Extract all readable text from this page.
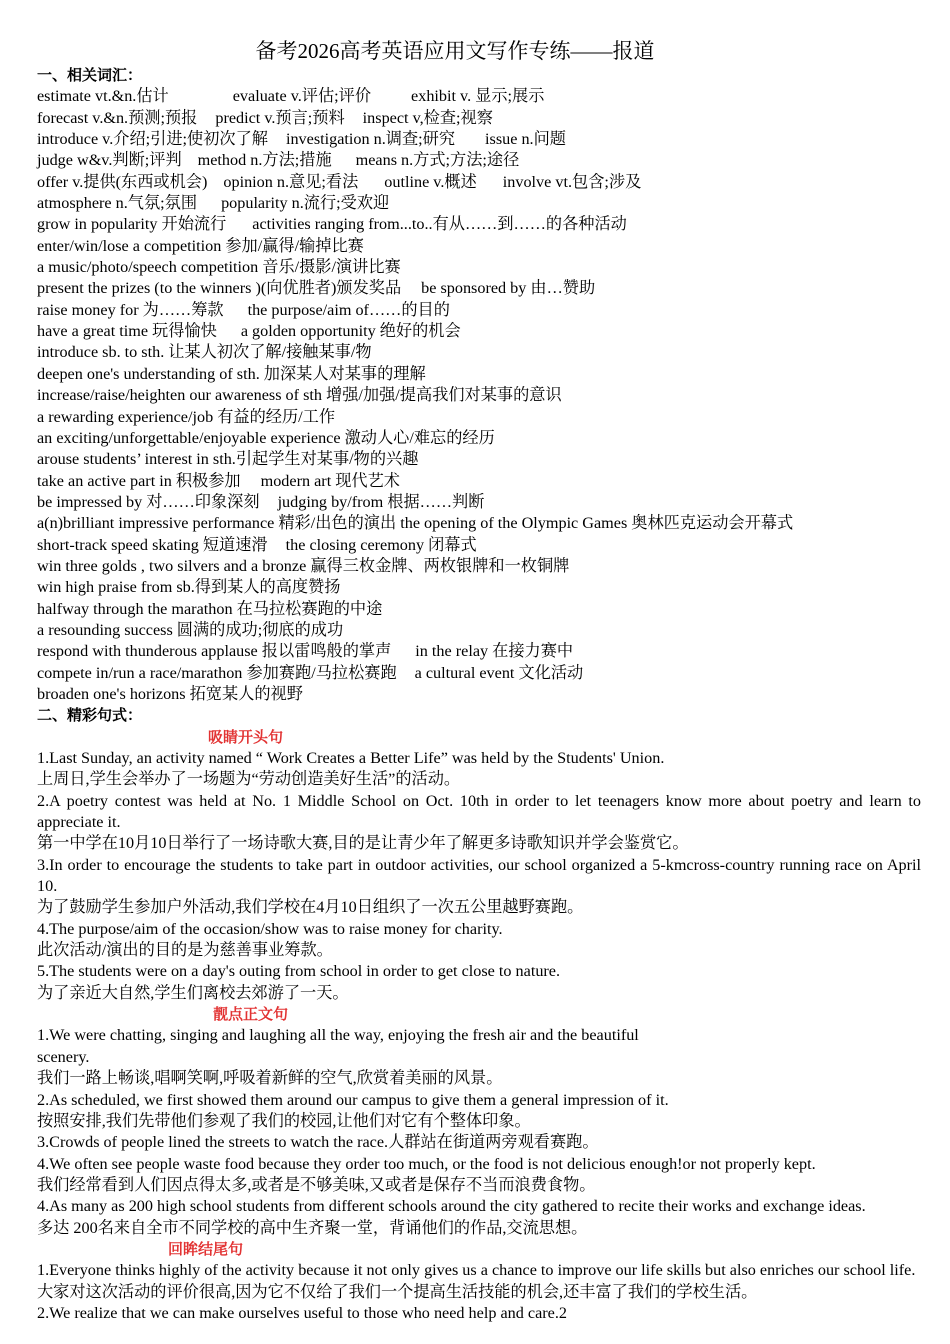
备考2026高考英语应用文写作专练——报道
一、相关词汇：
estimate vt.&n.估计	evaluate v.评估;评价 exhibit v. 显示;展示
forecast v.&n.预测;预报 predict v.预言;预料 inspect v,检查;视察
introduce v.介绍;引进;使初次了解 investigation n.调查;研究 issue n.问题
judge w&v.判断;评判 method n.方法;措施 means n.方式;方法;途径
offer v.提供(东西或机会) opinion n.意见;看法 outline v.概述 involve vt.包含;涉及
atmosphere n.气氛;氛围 popularity n.流行;受欢迎
grow in popularity 开始流行 activities ranging from...to..有从……到……的各种活动
enter/win/lose a competition 参加/赢得/输掉比赛
a music/photo/speech competition 音乐/摄影/演讲比赛
present the prizes (to the winners )(向优胜者)颁发奖品 be sponsored by 由…赞助
raise money for 为……筹款 the purpose/aim of……的目的
have a great time 玩得愉快 a golden opportunity 绝好的机会
introduce sb. to sth. 让某人初次了解/接触某事/物
deepen one's understanding of sth. 加深某人对某事的理解
increase/raise/heighten our awareness of sth 增强/加强/提高我们对某事的意识
a rewarding experience/job 有益的经历/工作
an exciting/unforgettable/enjoyable experience 激动人心/难忘的经历
arouse students’ interest in sth.引起学生对某事/物的兴趣
take an active part in 积极参加 modern art 现代艺术
be impressed by 对……印象深刻 judging by/from 根据……判断
a(n)brilliant impressive performance 精彩/出色的演出 the opening of the Olympic Games 奥林匹克运动会开幕式
short-track speed skating 短道速滑 the closing ceremony 闭幕式
win three golds , two silvers and a bronze 赢得三枚金牌、两枚银牌和一枚铜牌
win high praise from sb.得到某人的高度赞扬
halfway through the marathon 在马拉松赛跑的中途
a resounding success 圆满的成功;彻底的成功
respond with thunderous applause 报以雷鸣般的掌声 in the relay 在接力赛中
compete in/run a race/marathon 参加赛跑/马拉松赛跑 a cultural event 文化活动
broaden one's horizons 拓宽某人的视野
二、精彩句式：
吸睛开头句
1.Last Sunday, an activity named “ Work Creates a Better Life” was held by the Students' Union.
上周日,学生会举办了一场题为“劳动创造美好生活”的活动。
2.A poetry contest was held at No. 1 Middle School on Oct. 10th in order to let teenagers know more about poetry and learn to appreciate it.
第一中学在10月10日举行了一场诗歌大赛,目的是让青少年了解更多诗歌知识并学会鉴赏它。
3.In order to encourage the students to take part in outdoor activities, our school organized a 5-kmcross-country running race on April 10.
为了鼓励学生参加户外活动,我们学校在4月10日组织了一次五公里越野赛跑。
4.The purpose/aim of the occasion/show was to raise money for charity.
此次活动/演出的目的是为慈善事业筹款。
5.The students were on a day's outing from school in order to get close to nature.
为了亲近大自然,学生们离校去郊游了一天。
靓点正文句
1.We were chatting, singing and laughing all the way, enjoying the fresh air and the beautiful
scenery.
我们一路上畅谈,唱啊笑啊,呼吸着新鲜的空气,欣赏着美丽的风景。
2.As scheduled, we first showed them around our campus to give them a general impression of it.
按照安排,我们先带他们参观了我们的校园,让他们对它有个整体印象。
3.Crowds of people lined the streets to watch the race.人群站在街道两旁观看赛跑。
4.We often see people waste food because they order too much, or the food is not delicious enough!or not properly kept.
我们经常看到人们因点得太多,或者是不够美味,又或者是保存不当而浪费食物。
4.As many as 200 high school students from different schools around the city gathered to recite their works and exchange ideas.
多达 200名来自全市不同学校的高中生齐聚一堂，背诵他们的作品,交流思想。
回眸结尾句
1.Everyone thinks highly of the activity because it not only gives us a chance to improve our life skills but also enriches our school life.
大家对这次活动的评价很高,因为它不仅给了我们一个提高生活技能的机会,还丰富了我们的学校生活。
2.We realize that we can make ourselves useful to those who need help and care.2
